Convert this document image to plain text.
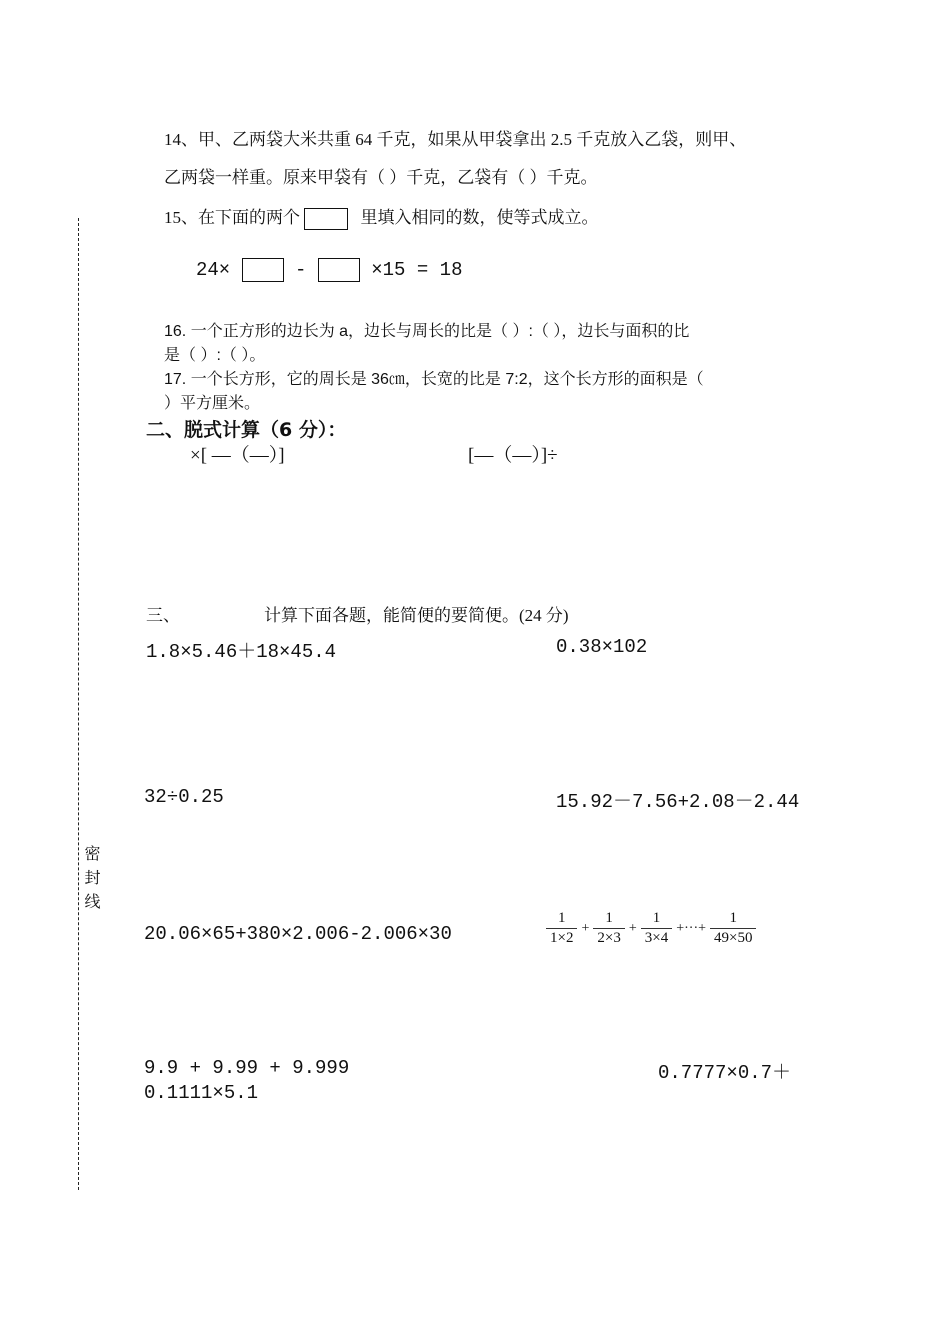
14、甲、乙两袋大米共重 64 千克，如果从甲袋拿出 2.5 千克放入乙袋，则甲、
乙两袋一样重。原来甲袋有（ ）千克，乙袋有（ ）千克。
15、在下面的两个	里填入相同的数，使等式成立。
24×	-	×15 = 18
16. 一个正方形的边长为 a，边长与周长的比是（ ）:（ ），边长与面积的比
是（ ）:（ ）。
17. 一个长方形，它的周长是 36㎝，长宽的比是 7:2，这个长方形的面积是（
）平方厘米。
二、脱式计算（6 分）：
×[ —（—）]	[—（—）]÷
三、	计算下面各题，能简便的要简便。(24 分)
1.8×5.46＋18×45.4	0.38×102
32÷0.25	15.92－7.56+2.08－2.44
20.06×65+380×2.006-2.006×30	$\frac{1}{1\times 2} + \frac{1}{2\times 3} + \frac{1}{3\times 4}$ +···+ $\frac{1}{49\times 50}$
9.9 + 9.99 + 9.999	0.7777×0.7＋
0.1111×5.1
密封线
